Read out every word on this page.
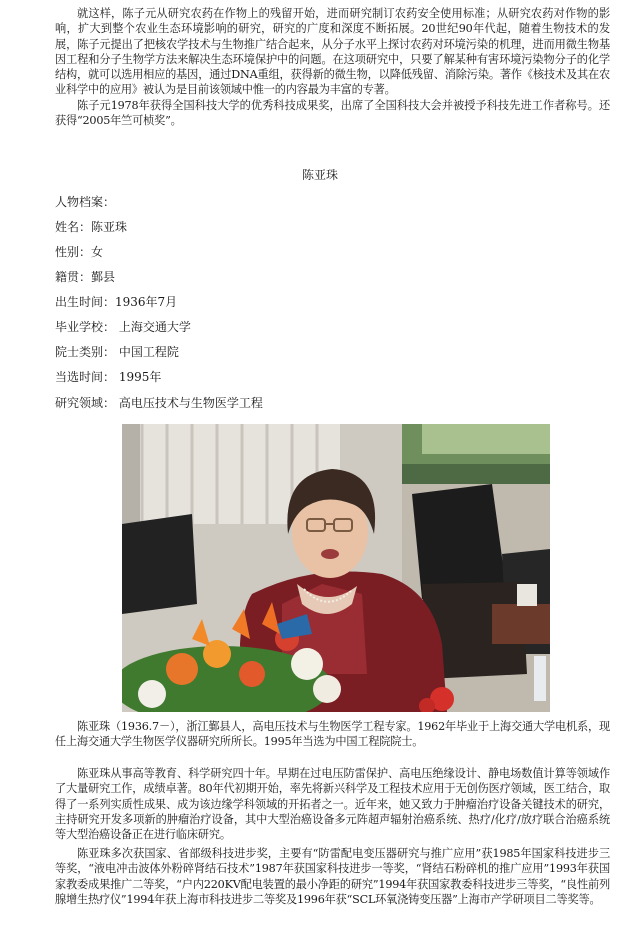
就这样，陈子元从研究农药在作物上的残留开始，进而研究制订农药安全使用标准；从研究农药对作物的影响，扩大到整个农业生态环境影响的研究，研究的广度和深度不断拓展。20世纪90年代起，随着生物技术的发展，陈子元提出了把核农学技术与生物推广结合起来，从分子水平上探讨农药对环境污染的机理，进而用微生物基因工程和分子生物学方法来解决生态环境保护中的问题。在这项研究中，只要了解某种有害环境污染物分子的化学结构，就可以选用相应的基因，通过DNA重组，获得新的微生物，以降低残留、消除污染。著作《核技术及其在农业科学中的应用》被认为是目前该领域中惟一的内容最为丰富的专著。

陈子元1978年获得全国科技大学的优秀科技成果奖，出席了全国科技大会并被授予科技先进工作者称号。还获得“2005年竺可桢奖”。

陈亚珠
人物档案：
姓名：陈亚珠
性别：女
籍贯：鄞县
出生时间：1936年7月
毕业学校： 上海交通大学
院士类别： 中国工程院
当选时间： 1995年
研究领域： 高电压技术与生物医学工程

陈亚珠（1936.7－），浙江鄞县人，高电压技术与生物医学工程专家。1962年毕业于上海交通大学电机系，现任上海交通大学生物医学仪器研究所所长。1995年当选为中国工程院院士。

陈亚珠从事高等教育、科学研究四十年。早期在过电压防雷保护、高电压绝缘设计、静电场数值计算等领域作了大量研究工作，成绩卓著。80年代初期开始，率先将新兴科学及工程技术应用于无创伤医疗领域，医工结合，取得了一系列实质性成果、成为该边缘学科领域的开拓者之一。近年来，她又致力于肿瘤治疗设备关键技术的研究，主持研究开发多项新的肿瘤治疗设备，其中大型治癌设备多元阵超声辐射治癌系统、热疗/化疗/放疗联合治癌系统等大型治癌设备正在进行临床研究。

陈亚珠多次获国家、省部级科技进步奖，主要有“防雷配电变压器研究与推广应用”获1985年国家科技进步三等奖，“液电冲击波体外粉碎肾结石技术”1987年获国家科技进步一等奖，“肾结石粉碎机的推广应用”1993年获国家教委成果推广二等奖，“户内220KV配电装置的最小净距的研究”1994年获国家教委科技进步三等奖，“良性前列腺增生热疗仪”1994年获上海市科技进步二等奖及1996年获“SCL环氧浇铸变压器”上海市产学研项目二等奖等。
